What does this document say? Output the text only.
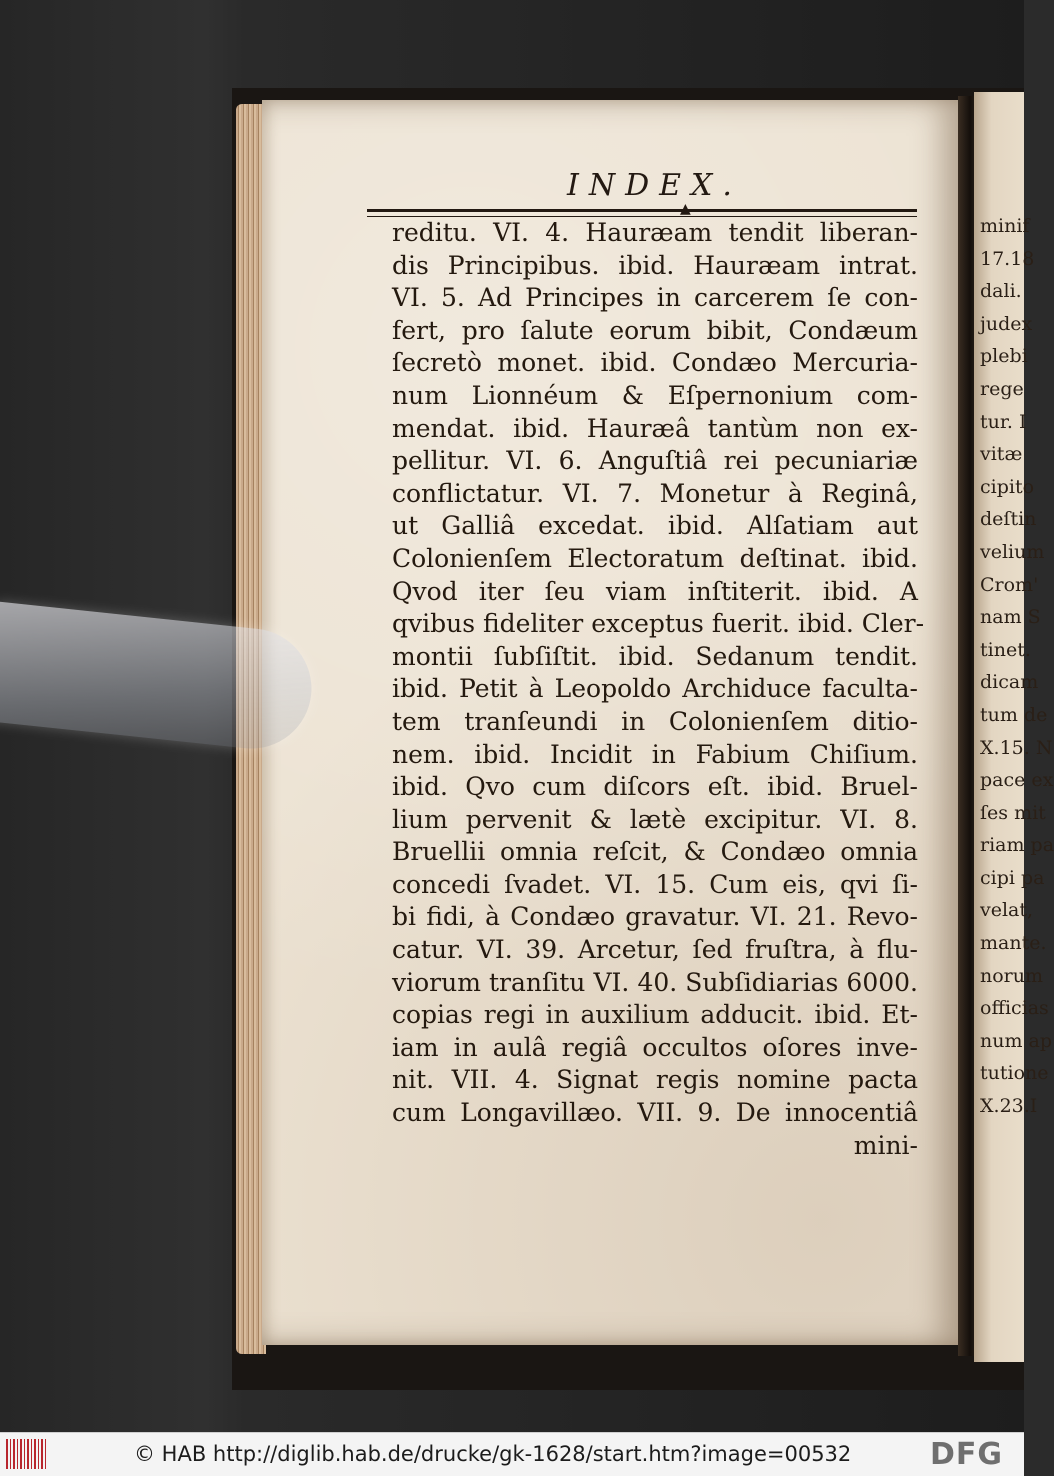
minif
17.18
dali.
judex
plebi
rege
tur. I
vitæ
cipito
deſtin
velium
Crom'
nam S
tinet.
dicam
tum de
X.15. N
pace ex
ſes mit
riam pa
cipi pa
velat,
mante.
norum
officias
num ap
tutione
X.23.I
INDEX.
▲
reditu. VI. 4. Hauræam tendit liberan-
dis Principibus. ibid. Hauræam intrat.
VI. 5. Ad Principes in carcerem ſe con-
fert, pro ſalute eorum bibit, Condæum
ſecretò monet. ibid. Condæo Mercuria-
num Lionnéum & Eſpernonium com-
mendat. ibid. Hauræâ tantùm non ex-
pellitur. VI. 6. Anguſtiâ rei pecuniariæ
conflictatur. VI. 7. Monetur à Reginâ,
ut Galliâ excedat. ibid. Alſatiam aut
Colonienſem Electoratum deſtinat. ibid.
Qvod iter ſeu viam inſtiterit. ibid. A
qvibus fideliter exceptus fuerit. ibid. Cler-
montii ſubſiſtit. ibid. Sedanum tendit.
ibid. Petit à Leopoldo Archiduce faculta-
tem tranſeundi in Colonienſem ditio-
nem. ibid. Incidit in Fabium Chiſium.
ibid. Qvo cum diſcors eſt. ibid. Bruel-
lium pervenit & lætè excipitur. VI. 8.
Bruellii omnia reſcit, & Condæo omnia
concedi ſvadet. VI. 15. Cum eis, qvi ſi-
bi fidi, à Condæo gravatur. VI. 21. Revo-
catur. VI. 39. Arcetur, ſed fruſtra, à flu-
viorum tranſitu VI. 40. Subſidiarias 6000.
copias regi in auxilium adducit. ibid. Et-
iam in aulâ regiâ occultos oſores inve-
nit. VII. 4. Signat regis nomine pacta
cum Longavillæo. VII. 9. De innocentiâ
mini-
© HAB http://diglib.hab.de/drucke/gk-1628/start.htm?image=00532	DFG
